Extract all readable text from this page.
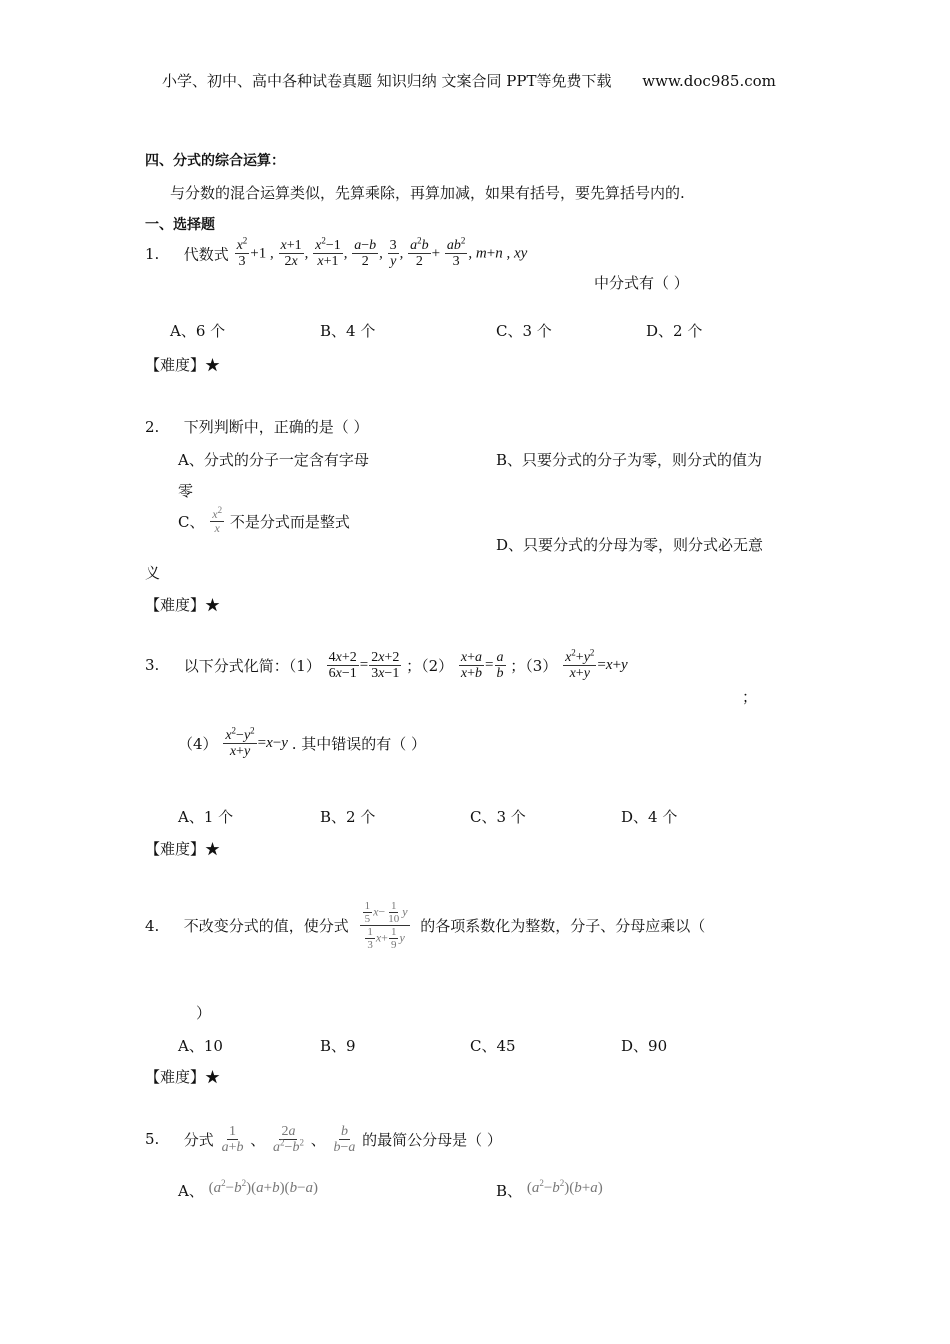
小学、初中、高中各种试卷真题 知识归纳 文案合同 PPT等免费下载 www.doc985.com
四、分式的综合运算：
与分数的混合运算类似，先算乘除，再算加减，如果有括号，要先算括号内的.
一、选择题
1. 代数式 $\frac{x^2}{3} +1$ , $\frac{x+1}{2x}$ , $\frac{x^2-1}{x+1}$ , $\frac{a-b}{2}$ , $\frac{3}{y}$ , $\frac{a^2b}{2} + \frac{ab^2}{3}$ , m+n , xy
中分式有（ ）
A、6 个	B、4 个	C、3 个	D、2 个
【难度】★
2. 下列判断中，正确的是（ ）
A、分式的分子一定含有字母	B、只要分式的分子为零，则分式的值为
零
C、 $\frac{x^2}{x}$ 不是分式而是整式
D、只要分式的分母为零，则分式必无意
义
【难度】★
3. 以下分式化简：$(1) \frac{4x+2}{6x-1} = \frac{2x+2}{3x-1}$ ；$(2) \frac{x+a}{x+b} = \frac{a}{b}$ ；$(3) \frac{x^2+y^2}{x+y} =x+y$
；
$(4) \frac{x^2-y^2}{x+y} =x-y$ . 其中错误的有（ ）
A、1 个	B、2 个	C、3 个	D、4 个
【难度】★
4. 不改变分式的值，使分式 $\frac{\frac{1}{5} x- \frac{1}{10} y}{\frac{1}{3} x+ \frac{1}{9} y}$ 的各项系数化为整数，分子、分母应乘以（
）
A、10	B、9	C、45	D、90
【难度】★
5. 分式 $\frac{1}{a+b}$ 、 $\frac{2a}{a^2-b^2}$ 、 $\frac{b}{b-a}$ 的最简公分母是（ ）
A、 $(a^2-b^2)(a+b)(b-a)$	B、 $(a^2-b^2)(b+a)$
